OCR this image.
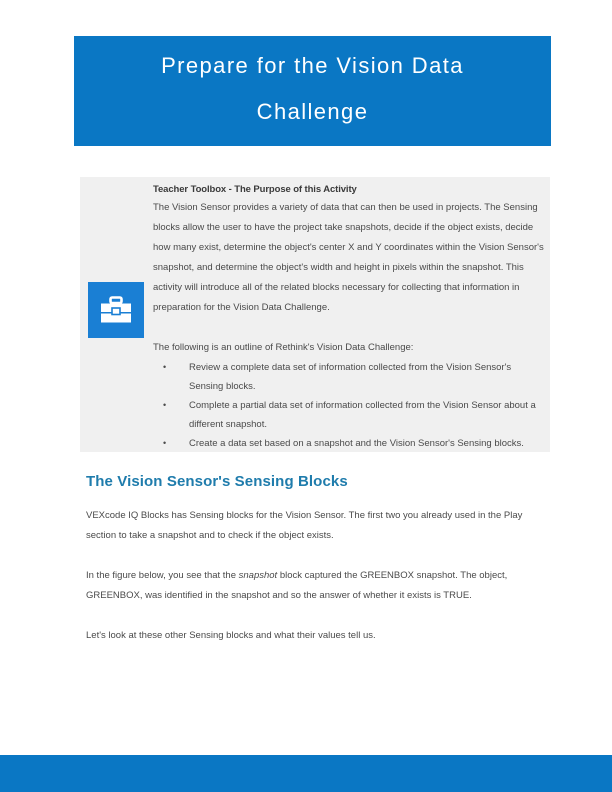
Prepare for the Vision Data
Challenge

Teacher Toolbox - The Purpose of this Activity

The Vision Sensor provides a variety of data that can then be used in projects. The Sensing blocks allow the user to have the project take snapshots, decide if the object exists, decide how many exist, determine the object's center X and Y coordinates within the Vision Sensor's snapshot, and determine the object's width and height in pixels within the snapshot. This activity will introduce all of the related blocks necessary for collecting that information in preparation for the Vision Data Challenge.

The following is an outline of Rethink's Vision Data Challenge:

• Review a complete data set of information collected from the Vision Sensor's Sensing blocks.
• Complete a partial data set of information collected from the Vision Sensor about a different snapshot.
• Create a data set based on a snapshot and the Vision Sensor's Sensing blocks.
The Vision Sensor's Sensing Blocks

VEXcode IQ Blocks has Sensing blocks for the Vision Sensor. The first two you already used in the Play section to take a snapshot and to check if the object exists.

In the figure below, you see that the snapshot block captured the GREENBOX snapshot. The object, GREENBOX, was identified in the snapshot and so the answer of whether it exists is TRUE.

Let's look at these other Sensing blocks and what their values tell us.
